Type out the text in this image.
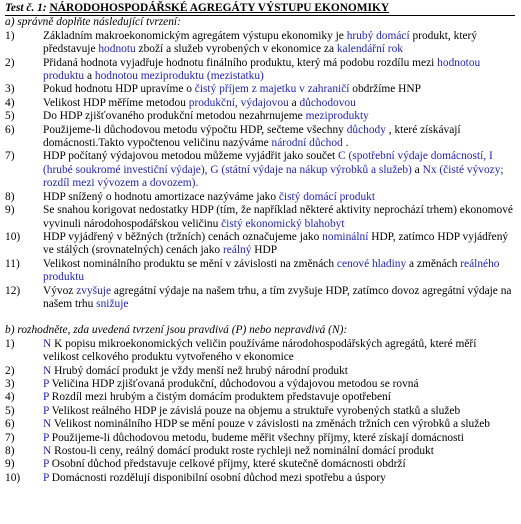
Test č. 1:
NÁRODOHOSPODÁŘSKÉ AGREGÁTY VÝSTUPU EKONOMIKY
a) správně doplňte následující tvrzení:
1)	Základním makroekonomickým agregátem výstupu ekonomiky je hrubý domácí produkt, který představuje hodnotu zboží a služeb vyrobených v ekonomice za kalendářní rok
2)	Přidaná hodnota vyjadřuje hodnotu finálního produktu, který má podobu rozdílu mezi hodnotou produktu a hodnotou meziproduktu (mezistatku)
3)	Pokud hodnotu HDP upravíme o čistý příjem z majetku v zahraničí obdržíme HNP
4)	Velikost HDP měříme metodou produkční, výdajovou a důchodovou
5)	Do HDP zjišťovaného produkční metodou nezahrnujeme meziprodukty
6)	Použijeme-li důchodovou metodu výpočtu HDP, sečteme všechny důchody , které získávají domácnosti.Takto vypočtenou veličinu nazýváme národní důchod .
7)	HDP počítaný výdajovou metodou můžeme vyjádřit jako součet C (spotřební výdaje domácností, I (hrubé soukromé investiční výdaje), G (státní výdaje na nákup výrobků a služeb) a Nx (čisté vývozy; rozdíl mezi vývozem a dovozem).
8)	HDP snížený o hodnotu amortizace nazýváme jako čistý domácí produkt
9)	Se snahou korigovat nedostatky HDP (tím, že například některé aktivity neprochází trhem) ekonomové vyvinuli národohospodářskou veličinu čistý ekonomický blahobyt
10)	HDP vyjádřený v běžných (tržních) cenách označujeme jako nominální HDP, zatímco HDP vyjádřený ve stálých (srovnatelných) cenách jako reálný HDP
11)	Velikost nominálního produktu se mění v závislosti na změnách cenové hladiny a změnách reálného produktu
12)	Vývoz zvyšuje agregátní výdaje na našem trhu, a tím zvyšuje HDP, zatímco dovoz agregátní výdaje na našem trhu snižuje
b) rozhodněte, zda uvedená tvrzení jsou pravdivá (P) nebo nepravdivá (N):
1)	N K popisu mikroekonomických veličin používáme národohospodářských agregátů, které měří velikost celkového produktu vytvořeného v ekonomice
2)	N Hrubý domácí produkt je vždy menší než hrubý národní produkt
3)	P Veličina HDP zjišťovaná produkční, důchodovou a výdajovou metodou se rovná
4)	P Rozdíl mezi hrubým a čistým domácím produktem představuje opotřebení
5)	P Velikost reálného HDP je závislá pouze na objemu a struktuře vyrobených statků a služeb
6)	N Velikost nominálního HDP se mění pouze v závislosti na změnách tržních cen výrobků a služeb
7)	P Použijeme-li důchodovou metodu, budeme měřit všechny příjmy, které získají domácnosti
8)	N Rostou-li ceny, reálný domácí produkt roste rychleji než nominální domácí produkt
9)	P Osobní důchod představuje celkové příjmy, které skutečně domácnosti obdrží
10)	P Domácnosti rozdělují disponibilní osobní důchod mezi spotřebu a úspory
